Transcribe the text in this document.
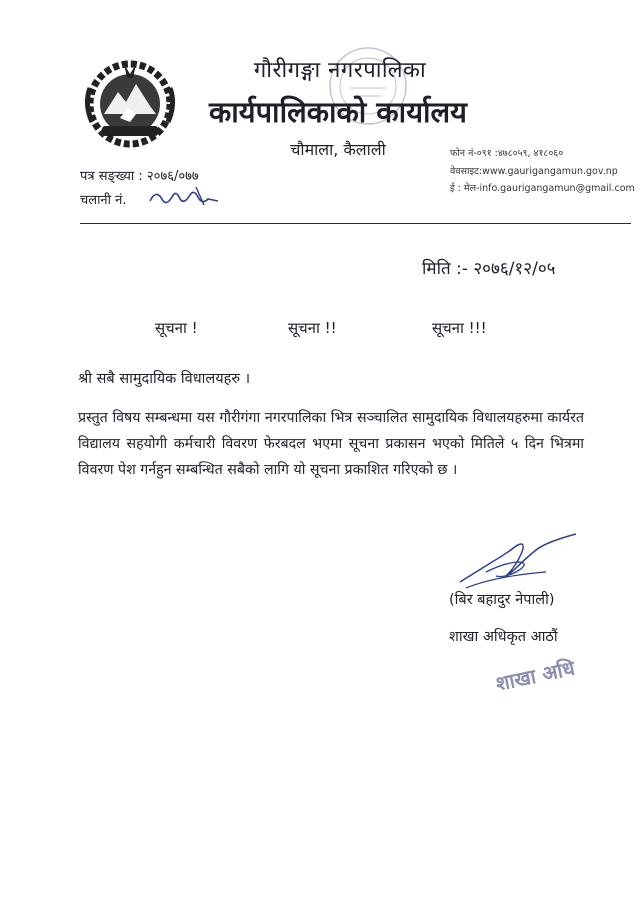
गौरीगङ्गा नगरपालिका
कार्यपालिकाको कार्यालय
चौमाला, कैलाली	फोन नं-०९१ :४७८०५९, ४१८०६०
वेवसाइट:www.gaurigangamun.gov.np
ई : मेल-info.gaurigangamun@gmail.com
पत्र सङ्ख्या : २०७६/०७७
चलानी नं.
मिति :- २०७६/१२/०५
सूचना !	सूचना !!	सूचना !!!
श्री सबै सामुदायिक विधालयहरु ।
प्रस्तुत विषय सम्बन्धमा यस गौरीगंगा नगरपालिका भित्र सञ्चालित सामुदायिक विधालयहरुमा कार्यरत विद्यालय सहयोगी कर्मचारी विवरण फेरबदल भएमा सूचना प्रकासन भएको मितिले ५ दिन भित्रमा विवरण पेश गर्नहुन सम्बन्धित सबैको लागि यो सूचना प्रकाशित गरिएको छ ।
(बिर बहादुर नेपाली)
शाखा अधिकृत आठौं
शाखा अधि
